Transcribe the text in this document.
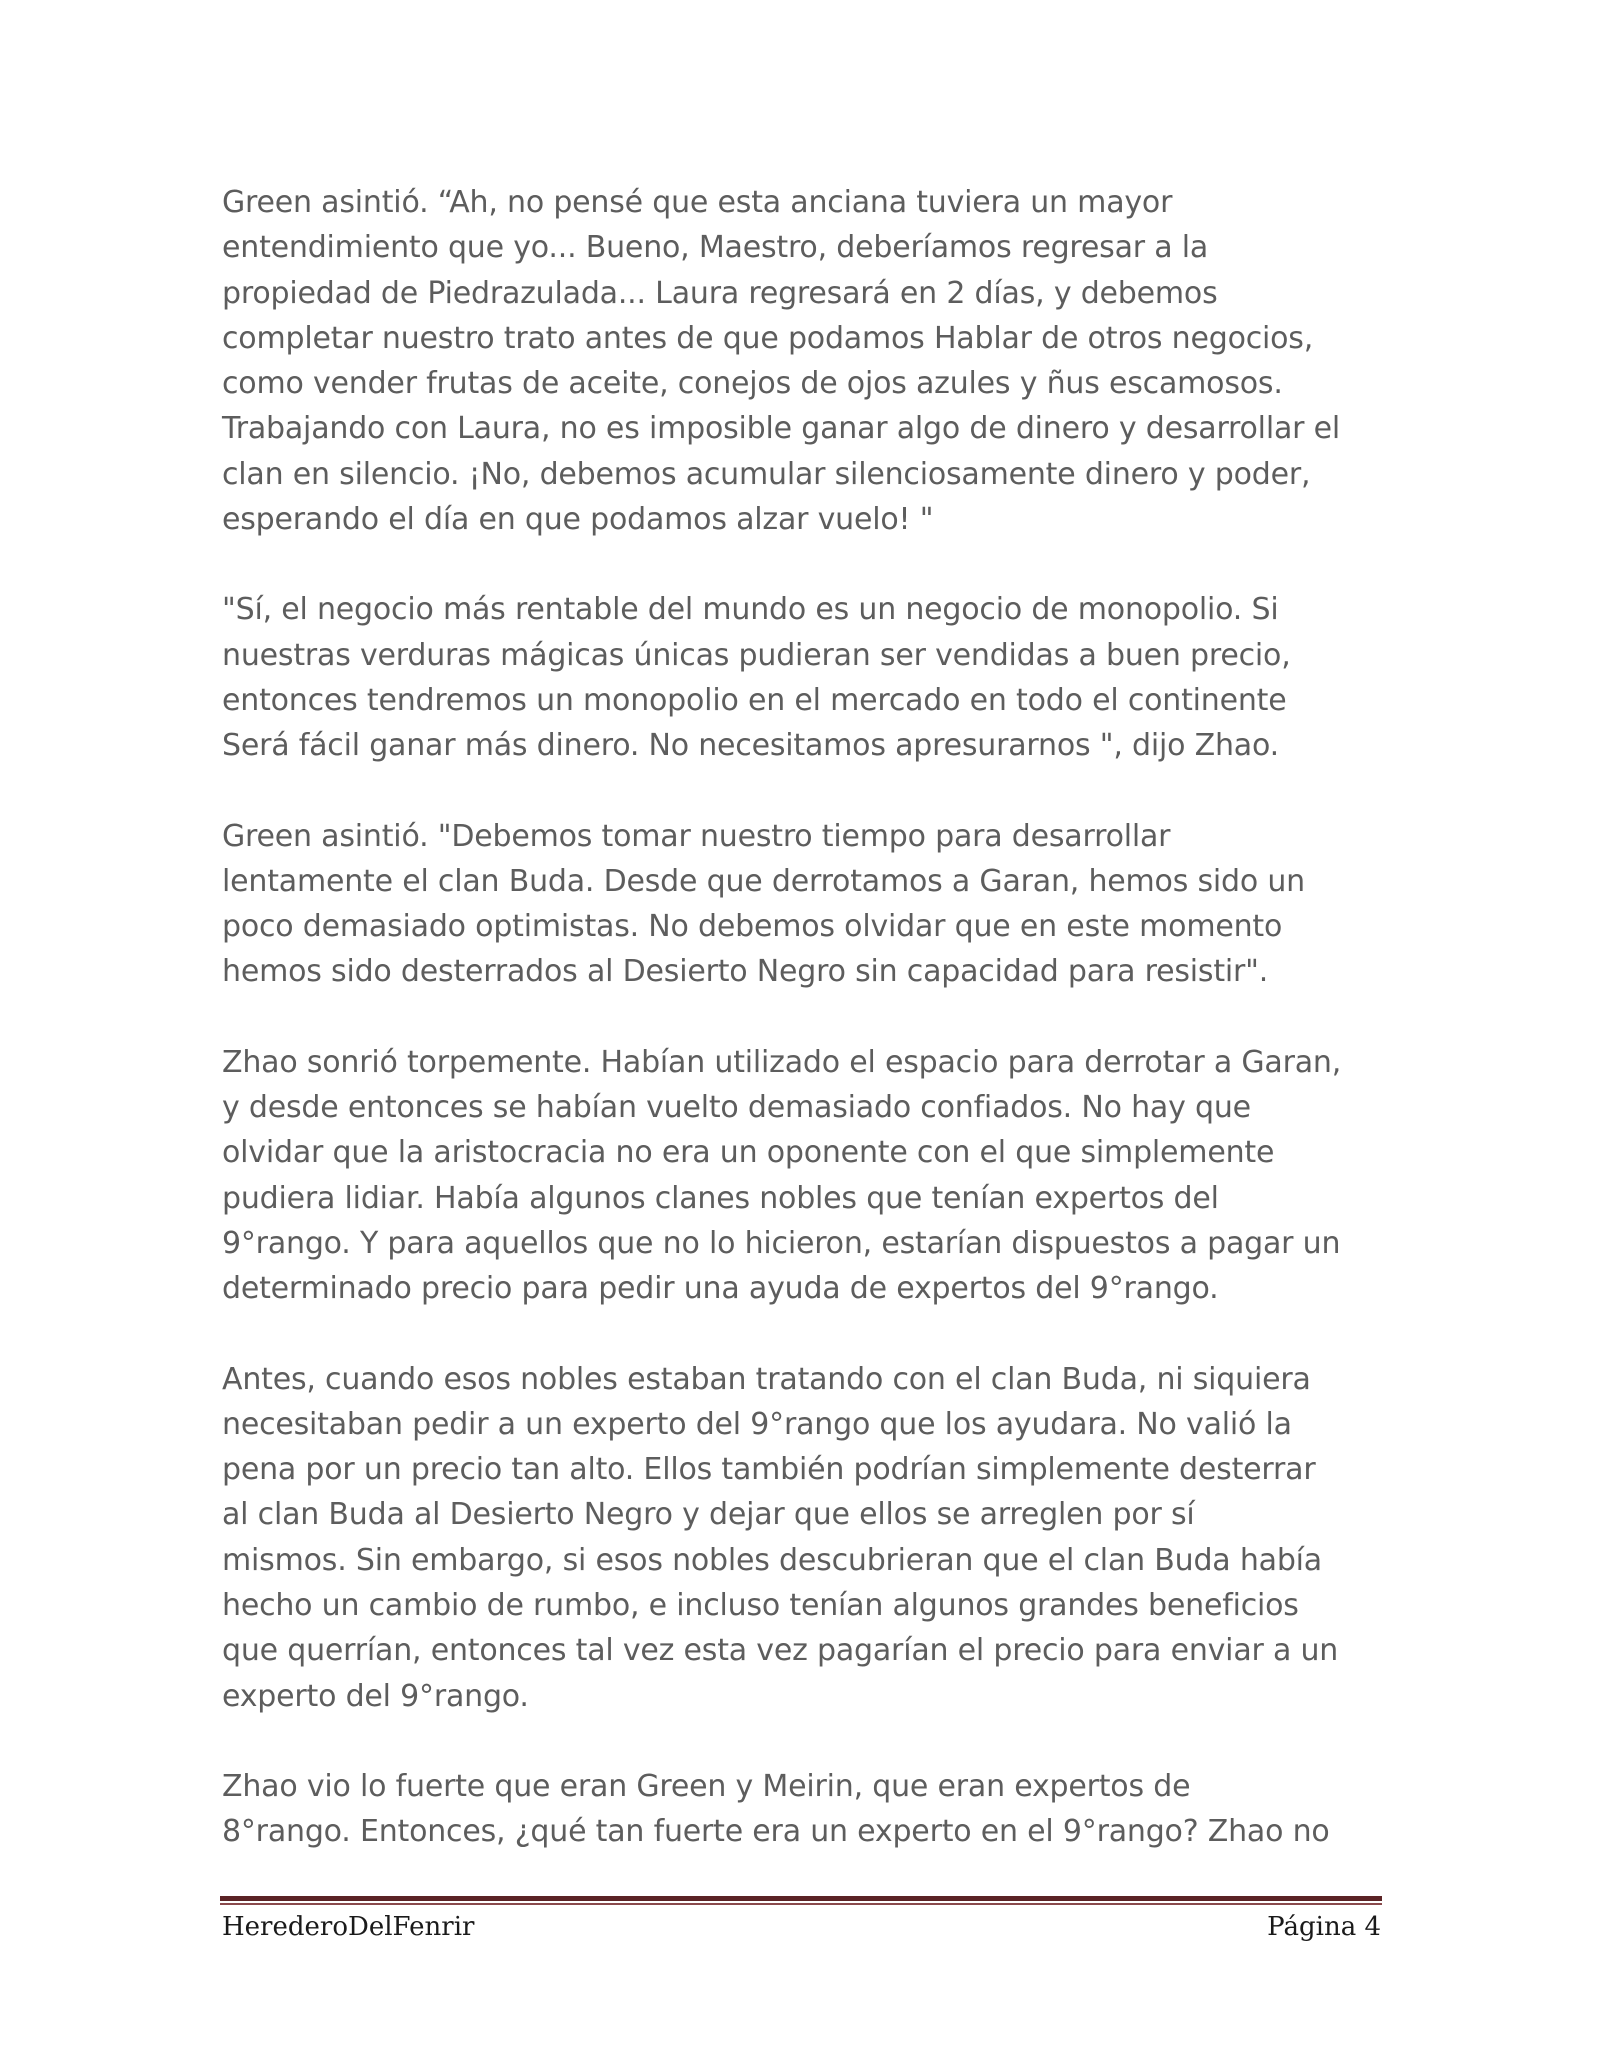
Green asintió. “Ah, no pensé que esta anciana tuviera un mayor
entendimiento que yo... Bueno, Maestro, deberíamos regresar a la
propiedad de Piedrazulada... Laura regresará en 2 días, y debemos
completar nuestro trato antes de que podamos Hablar de otros negocios,
como vender frutas de aceite, conejos de ojos azules y ñus escamosos.
Trabajando con Laura, no es imposible ganar algo de dinero y desarrollar el
clan en silencio. ¡No, debemos acumular silenciosamente dinero y poder,
esperando el día en que podamos alzar vuelo! "
"Sí, el negocio más rentable del mundo es un negocio de monopolio. Si
nuestras verduras mágicas únicas pudieran ser vendidas a buen precio,
entonces tendremos un monopolio en el mercado en todo el continente
Será fácil ganar más dinero. No necesitamos apresurarnos ", dijo Zhao.
Green asintió. "Debemos tomar nuestro tiempo para desarrollar
lentamente el clan Buda. Desde que derrotamos a Garan, hemos sido un
poco demasiado optimistas. No debemos olvidar que en este momento
hemos sido desterrados al Desierto Negro sin capacidad para resistir".
Zhao sonrió torpemente. Habían utilizado el espacio para derrotar a Garan,
y desde entonces se habían vuelto demasiado confiados. No hay que
olvidar que la aristocracia no era un oponente con el que simplemente
pudiera lidiar. Había algunos clanes nobles que tenían expertos del
9°rango. Y para aquellos que no lo hicieron, estarían dispuestos a pagar un
determinado precio para pedir una ayuda de expertos del 9°rango.
Antes, cuando esos nobles estaban tratando con el clan Buda, ni siquiera
necesitaban pedir a un experto del 9°rango que los ayudara. No valió la
pena por un precio tan alto. Ellos también podrían simplemente desterrar
al clan Buda al Desierto Negro y dejar que ellos se arreglen por sí
mismos. Sin embargo, si esos nobles descubrieran que el clan Buda había
hecho un cambio de rumbo, e incluso tenían algunos grandes beneficios
que querrían, entonces tal vez esta vez pagarían el precio para enviar a un
experto del 9°rango.
Zhao vio lo fuerte que eran Green y Meirin, que eran expertos de
8°rango. Entonces, ¿qué tan fuerte era un experto en el 9°rango? Zhao no
HerederoDelFenrir	Página 4
